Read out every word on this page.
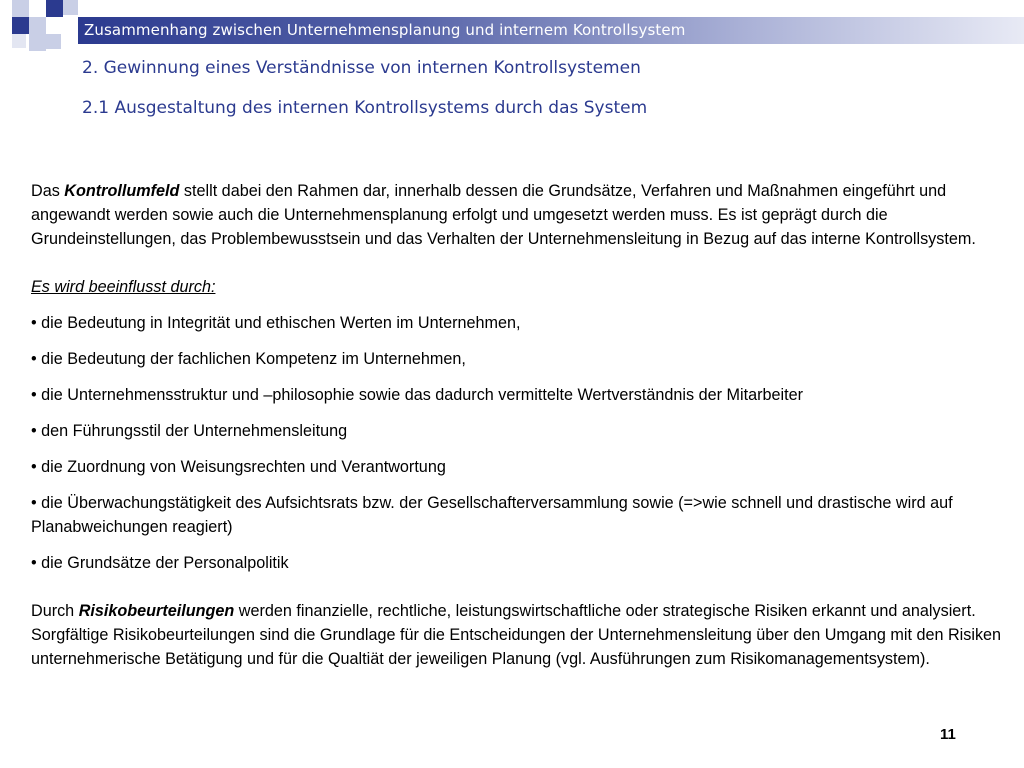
Zusammenhang zwischen Unternehmensplanung und internem Kontrollsystem
2. Gewinnung eines Verständnisse von internen Kontrollsystemen
2.1 Ausgestaltung des internen Kontrollsystems durch das System

Das Kontrollumfeld stellt dabei den Rahmen dar, innerhalb dessen die Grundsätze, Verfahren und Maßnahmen eingeführt und angewandt werden sowie auch die Unternehmensplanung erfolgt und umgesetzt werden muss. Es ist geprägt durch die Grundeinstellungen, das Problembewusstsein und das Verhalten der Unternehmensleitung in Bezug auf das interne Kontrollsystem.

Es wird beeinflusst durch:

• die Bedeutung in Integrität und ethischen Werten im Unternehmen,

• die Bedeutung der fachlichen Kompetenz im Unternehmen,

• die Unternehmensstruktur und –philosophie sowie das dadurch vermittelte Wertverständnis der Mitarbeiter

• den Führungsstil der Unternehmensleitung

• die Zuordnung von Weisungsrechten und Verantwortung

• die Überwachungstätigkeit des Aufsichtsrats bzw. der Gesellschafterversammlung sowie (=>wie schnell und drastische wird auf Planabweichungen reagiert)

• die Grundsätze der Personalpolitik

Durch Risikobeurteilungen werden finanzielle, rechtliche, leistungswirtschaftliche oder strategische Risiken erkannt und analysiert. Sorgfältige Risikobeurteilungen sind die Grundlage für die Entscheidungen der Unternehmensleitung über den Umgang mit den Risiken unternehmerische Betätigung und für die Qualtiät der jeweiligen Planung (vgl. Ausführungen zum Risikomanagementsystem).

11
